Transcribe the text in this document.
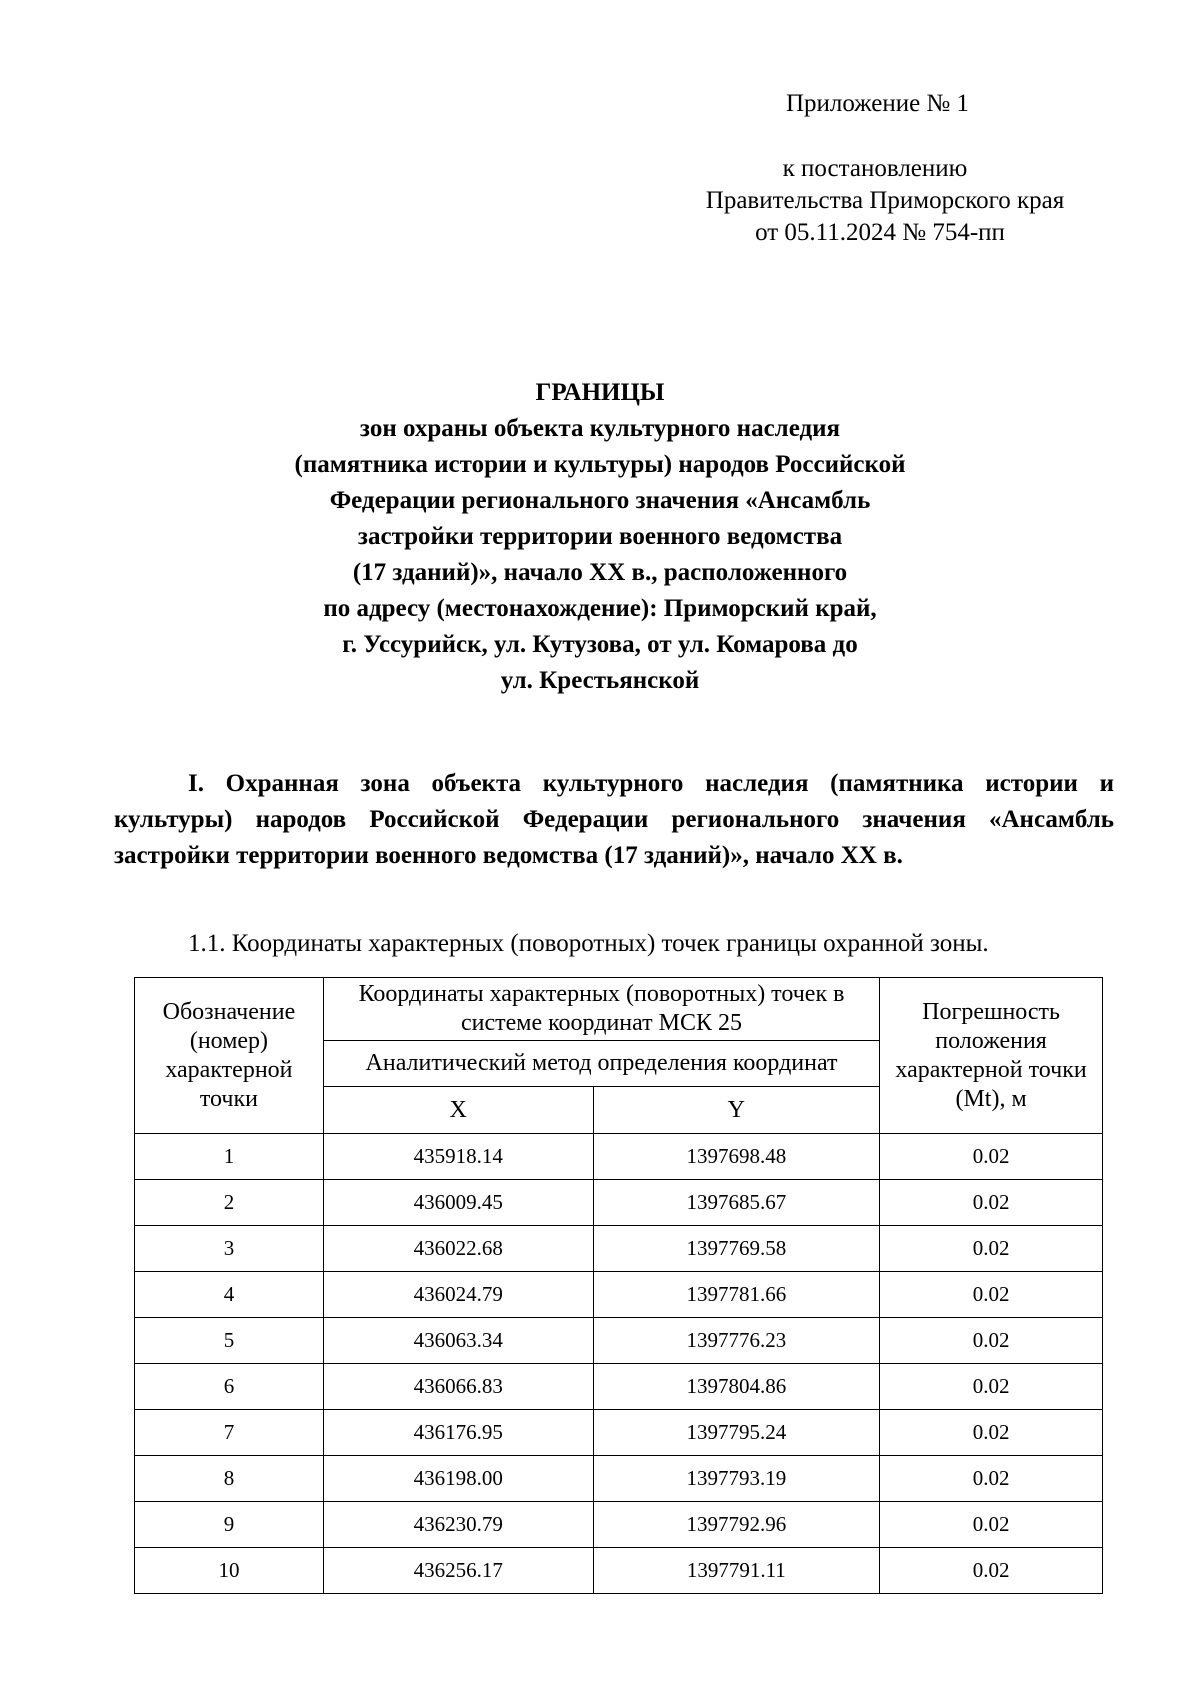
Приложение № 1
к постановлению
Правительства Приморского края
от 05.11.2024 № 754-пп
ГРАНИЦЫ
зон охраны объекта культурного наследия
(памятника истории и культуры) народов Российской
Федерации регионального значения «Ансамбль
застройки территории военного ведомства
(17 зданий)», начало XX в., расположенного
по адресу (местонахождение): Приморский край,
г. Уссурийск, ул. Кутузова, от ул. Комарова до
ул. Крестьянской
I. Охранная зона объекта культурного наследия (памятника истории и культуры) народов Российской Федерации регионального значения «Ансамбль застройки территории военного ведомства (17 зданий)», начало XX в.
1.1. Координаты характерных (поворотных) точек границы охранной зоны.
Обозначение (номер) характерной точки	Координаты характерных (поворотных) точек в системе координат МСК 25		Погрешность положения характерной точки (Mt), м
	Аналитический метод определения координат		
	X	Y	
1	435918.14	1397698.48	0.02
2	436009.45	1397685.67	0.02
3	436022.68	1397769.58	0.02
4	436024.79	1397781.66	0.02
5	436063.34	1397776.23	0.02
6	436066.83	1397804.86	0.02
7	436176.95	1397795.24	0.02
8	436198.00	1397793.19	0.02
9	436230.79	1397792.96	0.02
10	436256.17	1397791.11	0.02
